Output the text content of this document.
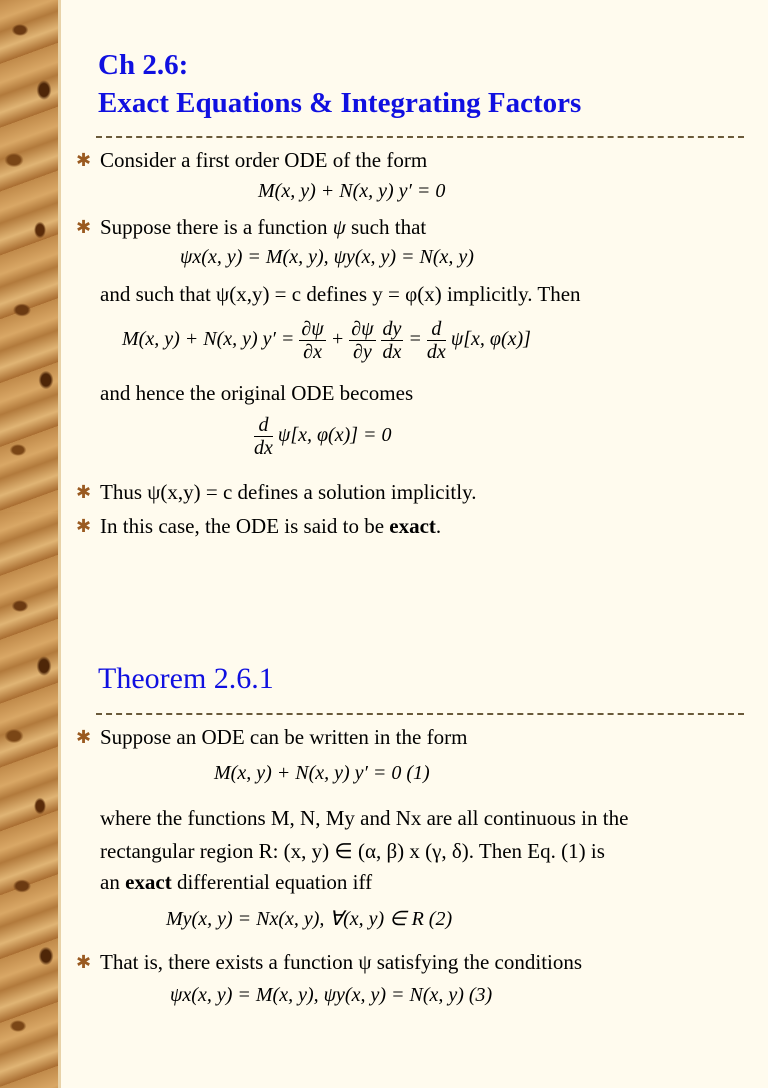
Ch 2.6:
Exact Equations & Integrating Factors
✱ Consider a first order ODE of the form
M(x, y) + N(x, y) y′ = 0
✱ Suppose there is a function ψ such that
ψx(x, y) = M(x, y), ψy(x, y) = N(x, y)
and such that ψ(x,y) = c defines y = φ(x) implicitly. Then
M(x, y) + N(x, y) $y' = \frac{\partial\psi}{\partial x} + \frac{\partial\psi}{\partial y}$
$\frac{dy}{dx} = \frac{d}{dx} \psi[x$, φ(x)]
and hence the original ODE becomes
$\frac{d}{dx} \psi[x$, φ(x)] = 0
✱ Thus ψ(x,y) = c defines a solution implicitly.
✱ In this case, the ODE is said to be exact.
Theorem 2.6.1
✱ Suppose an ODE can be written in the form
M(x, y) + N(x, y) y′ = 0 (1)
where the functions M, N, My and Nx are all continuous in the
rectangular region R: (x, y) ∈ (α, β) x (γ, δ). Then Eq. (1) is
an exact differential equation iff
My(x, y) = Nx(x, y), ∀(x, y) ∈ R (2)
✱ That is, there exists a function ψ satisfying the conditions
ψx(x, y) = M(x, y), ψy(x, y) = N(x, y) (3)
